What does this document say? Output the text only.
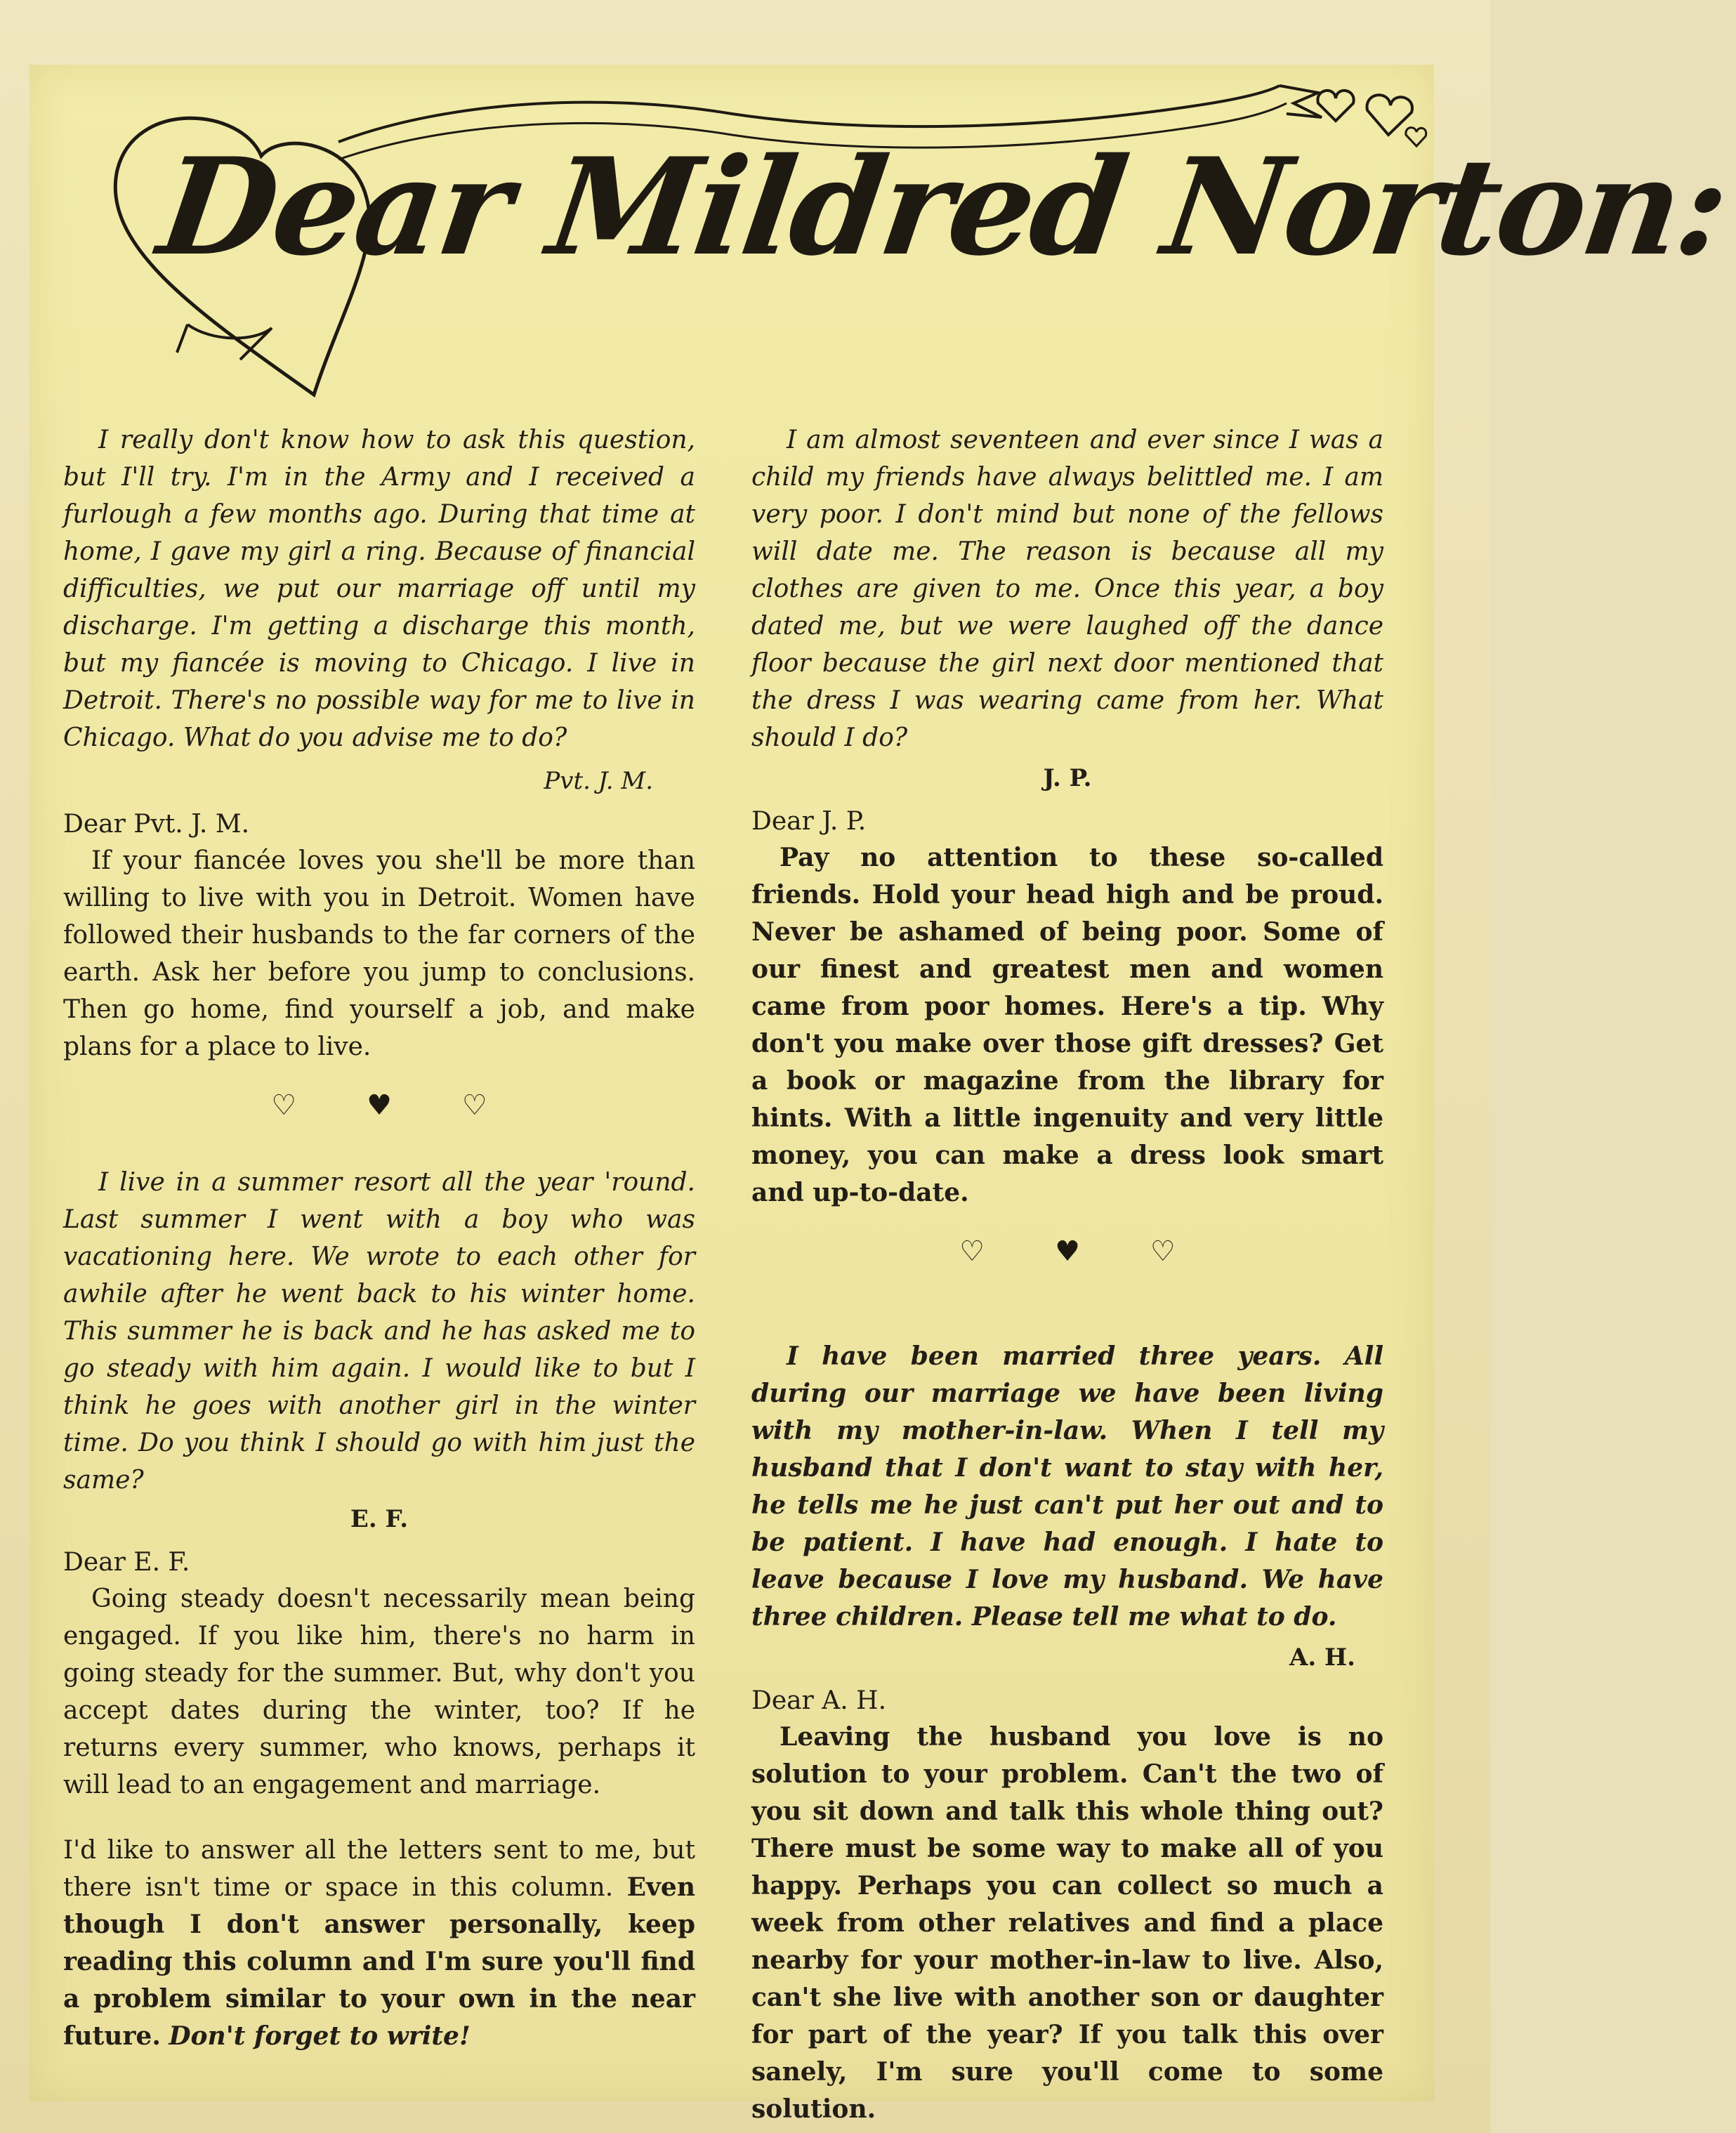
Dear Mildred Norton:

I really don't know how to ask this question, but I'll try. I'm in the Army and I received a furlough a few months ago. During that time at home, I gave my girl a ring. Because of financial difficulties, we put our marriage off until my discharge. I'm getting a discharge this month, but my fiancée is moving to Chicago. I live in Detroit. There's no possible way for me to live in Chicago. What do you advise me to do?

Pvt. J. M.

Dear Pvt. J. M.

If your fiancée loves you she'll be more than willing to live with you in Detroit. Women have followed their husbands to the far corners of the earth. Ask her before you jump to conclusions. Then go home, find yourself a job, and make plans for a place to live.

♡♥♡

I live in a summer resort all the year 'round. Last summer I went with a boy who was vacationing here. We wrote to each other for awhile after he went back to his winter home. This summer he is back and he has asked me to go steady with him again. I would like to but I think he goes with another girl in the winter time. Do you think I should go with him just the same?

E. F.

Dear E. F.

Going steady doesn't necessarily mean being engaged. If you like him, there's no harm in going steady for the summer. But, why don't you accept dates during the winter, too? If he returns every summer, who knows, perhaps it will lead to an engagement and marriage.

I'd like to answer all the letters sent to me, but there isn't time or space in this column. Even though I don't answer personally, keep reading this column and I'm sure you'll find a problem similar to your own in the near future. Don't forget to write!

I am almost seventeen and ever since I was a child my friends have always belittled me. I am very poor. I don't mind but none of the fellows will date me. The reason is because all my clothes are given to me. Once this year, a boy dated me, but we were laughed off the dance floor because the girl next door mentioned that the dress I was wearing came from her. What should I do?

J. P.

Dear J. P.

Pay no attention to these so-called friends. Hold your head high and be proud. Never be ashamed of being poor. Some of our finest and greatest men and women came from poor homes. Here's a tip. Why don't you make over those gift dresses? Get a book or magazine from the library for hints. With a little ingenuity and very little money, you can make a dress look smart and up-to-date.

♡♥♡

I have been married three years. All during our marriage we have been living with my mother-in-law. When I tell my husband that I don't want to stay with her, he tells me he just can't put her out and to be patient. I have had enough. I hate to leave because I love my husband. We have three children. Please tell me what to do.

A. H.

Dear A. H.

Leaving the husband you love is no solution to your problem. Can't the two of you sit down and talk this whole thing out? There must be some way to make all of you happy. Perhaps you can collect so much a week from other relatives and find a place nearby for your mother-in-law to live. Also, can't she live with another son or daughter for part of the year? If you talk this over sanely, I'm sure you'll come to some solution.
